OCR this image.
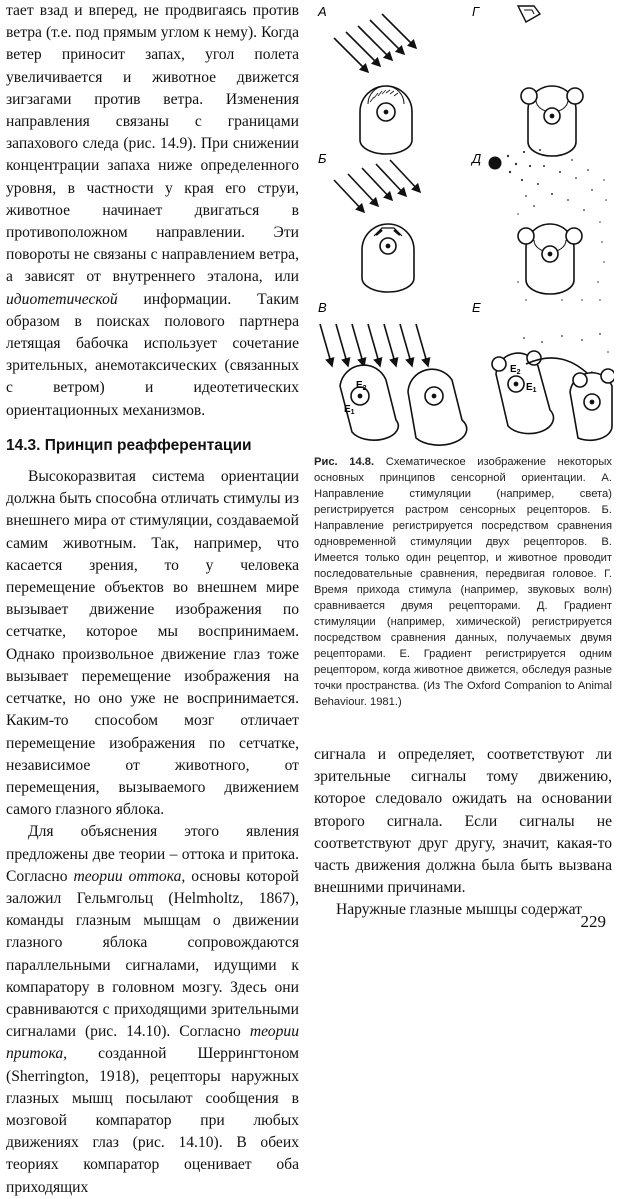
тает взад и вперед, не продвигаясь против ветра (т.е. под прямым углом к нему). Когда ветер приносит запах, угол полета увеличивается и животное движется зигзагами против ветра. Изменения направления связаны с границами запахового следа (рис. 14.9). При снижении концентрации запаха ниже определенного уровня, в частности у края его струи, животное начинает двигаться в противоположном направлении. Эти повороты не связаны с направлением ветра, а зависят от внутреннего эталона, или идиотетической информации. Таким образом в поисках полового партнера летящая бабочка использует сочетание зрительных, анемотаксических (связанных с ветром) и идеотетических ориентационных механизмов.

14.3. Принцип реафферентации

Высокоразвитая система ориентации должна быть способна отличать стимулы из внешнего мира от стимуляции, создаваемой самим животным. Так, например, что касается зрения, то у человека перемещение объектов во внешнем мире вызывает движение изображения по сетчатке, которое мы воспринимаем. Однако произвольное движение глаз тоже вызывает перемещение изображения на сетчатке, но оно уже не воспринимается. Каким-то способом мозг отличает перемещение изображения по сетчатке, независимое от животного, от перемещения, вызываемого движением самого глазного яблока.

Для объяснения этого явления предложены две теории – оттока и притока. Согласно теории оттока, основы которой заложил Гельмгольц (Helmholtz, 1867), команды глазным мышцам о движении глазного яблока сопровождаются параллельными сигналами, идущими к компаратору в головном мозгу. Здесь они сравниваются с приходящими зрительными сигналами (рис. 14.10). Согласно теории притока, созданной Шеррингтоном (Sherrington, 1918), рецепторы наружных глазных мышц посылают сообщения в мозговой компаратор при любых движениях глаз (рис. 14.10). В обеих теориях компаратор оценивает оба приходящих

А	Г
Б	Д
В	Е
$E_2$
$E_1$
$E_2$
$E_1$
Рис. 14.8. Схематическое изображение некоторых основных принципов сенсорной ориентации. А. Направление стимуляции (например, света) регистрируется растром сенсорных рецепторов. Б. Направление регистрируется посредством сравнения одновременной стимуляции двух рецепторов. В. Имеется только один рецептор, и животное проводит последовательные сравнения, передвигая головое. Г. Время прихода стимула (например, звуковых волн) сравнивается двумя рецепторами. Д. Градиент стимуляции (например, химической) регистрируется посредством сравнения данных, получаемых двумя рецепторами. Е. Градиент регистрируется одним рецептором, когда животное движется, обследуя разные точки пространства. (Из The Oxford Companion to Animal Behaviour. 1981.)

сигнала и определяет, соответствуют ли зрительные сигналы тому движению, которое следовало ожидать на основании второго сигнала. Если сигналы не соответствуют друг другу, значит, какая-то часть движения должна была быть вызвана внешними причинами.

Наружные глазные мышцы содержат

229
